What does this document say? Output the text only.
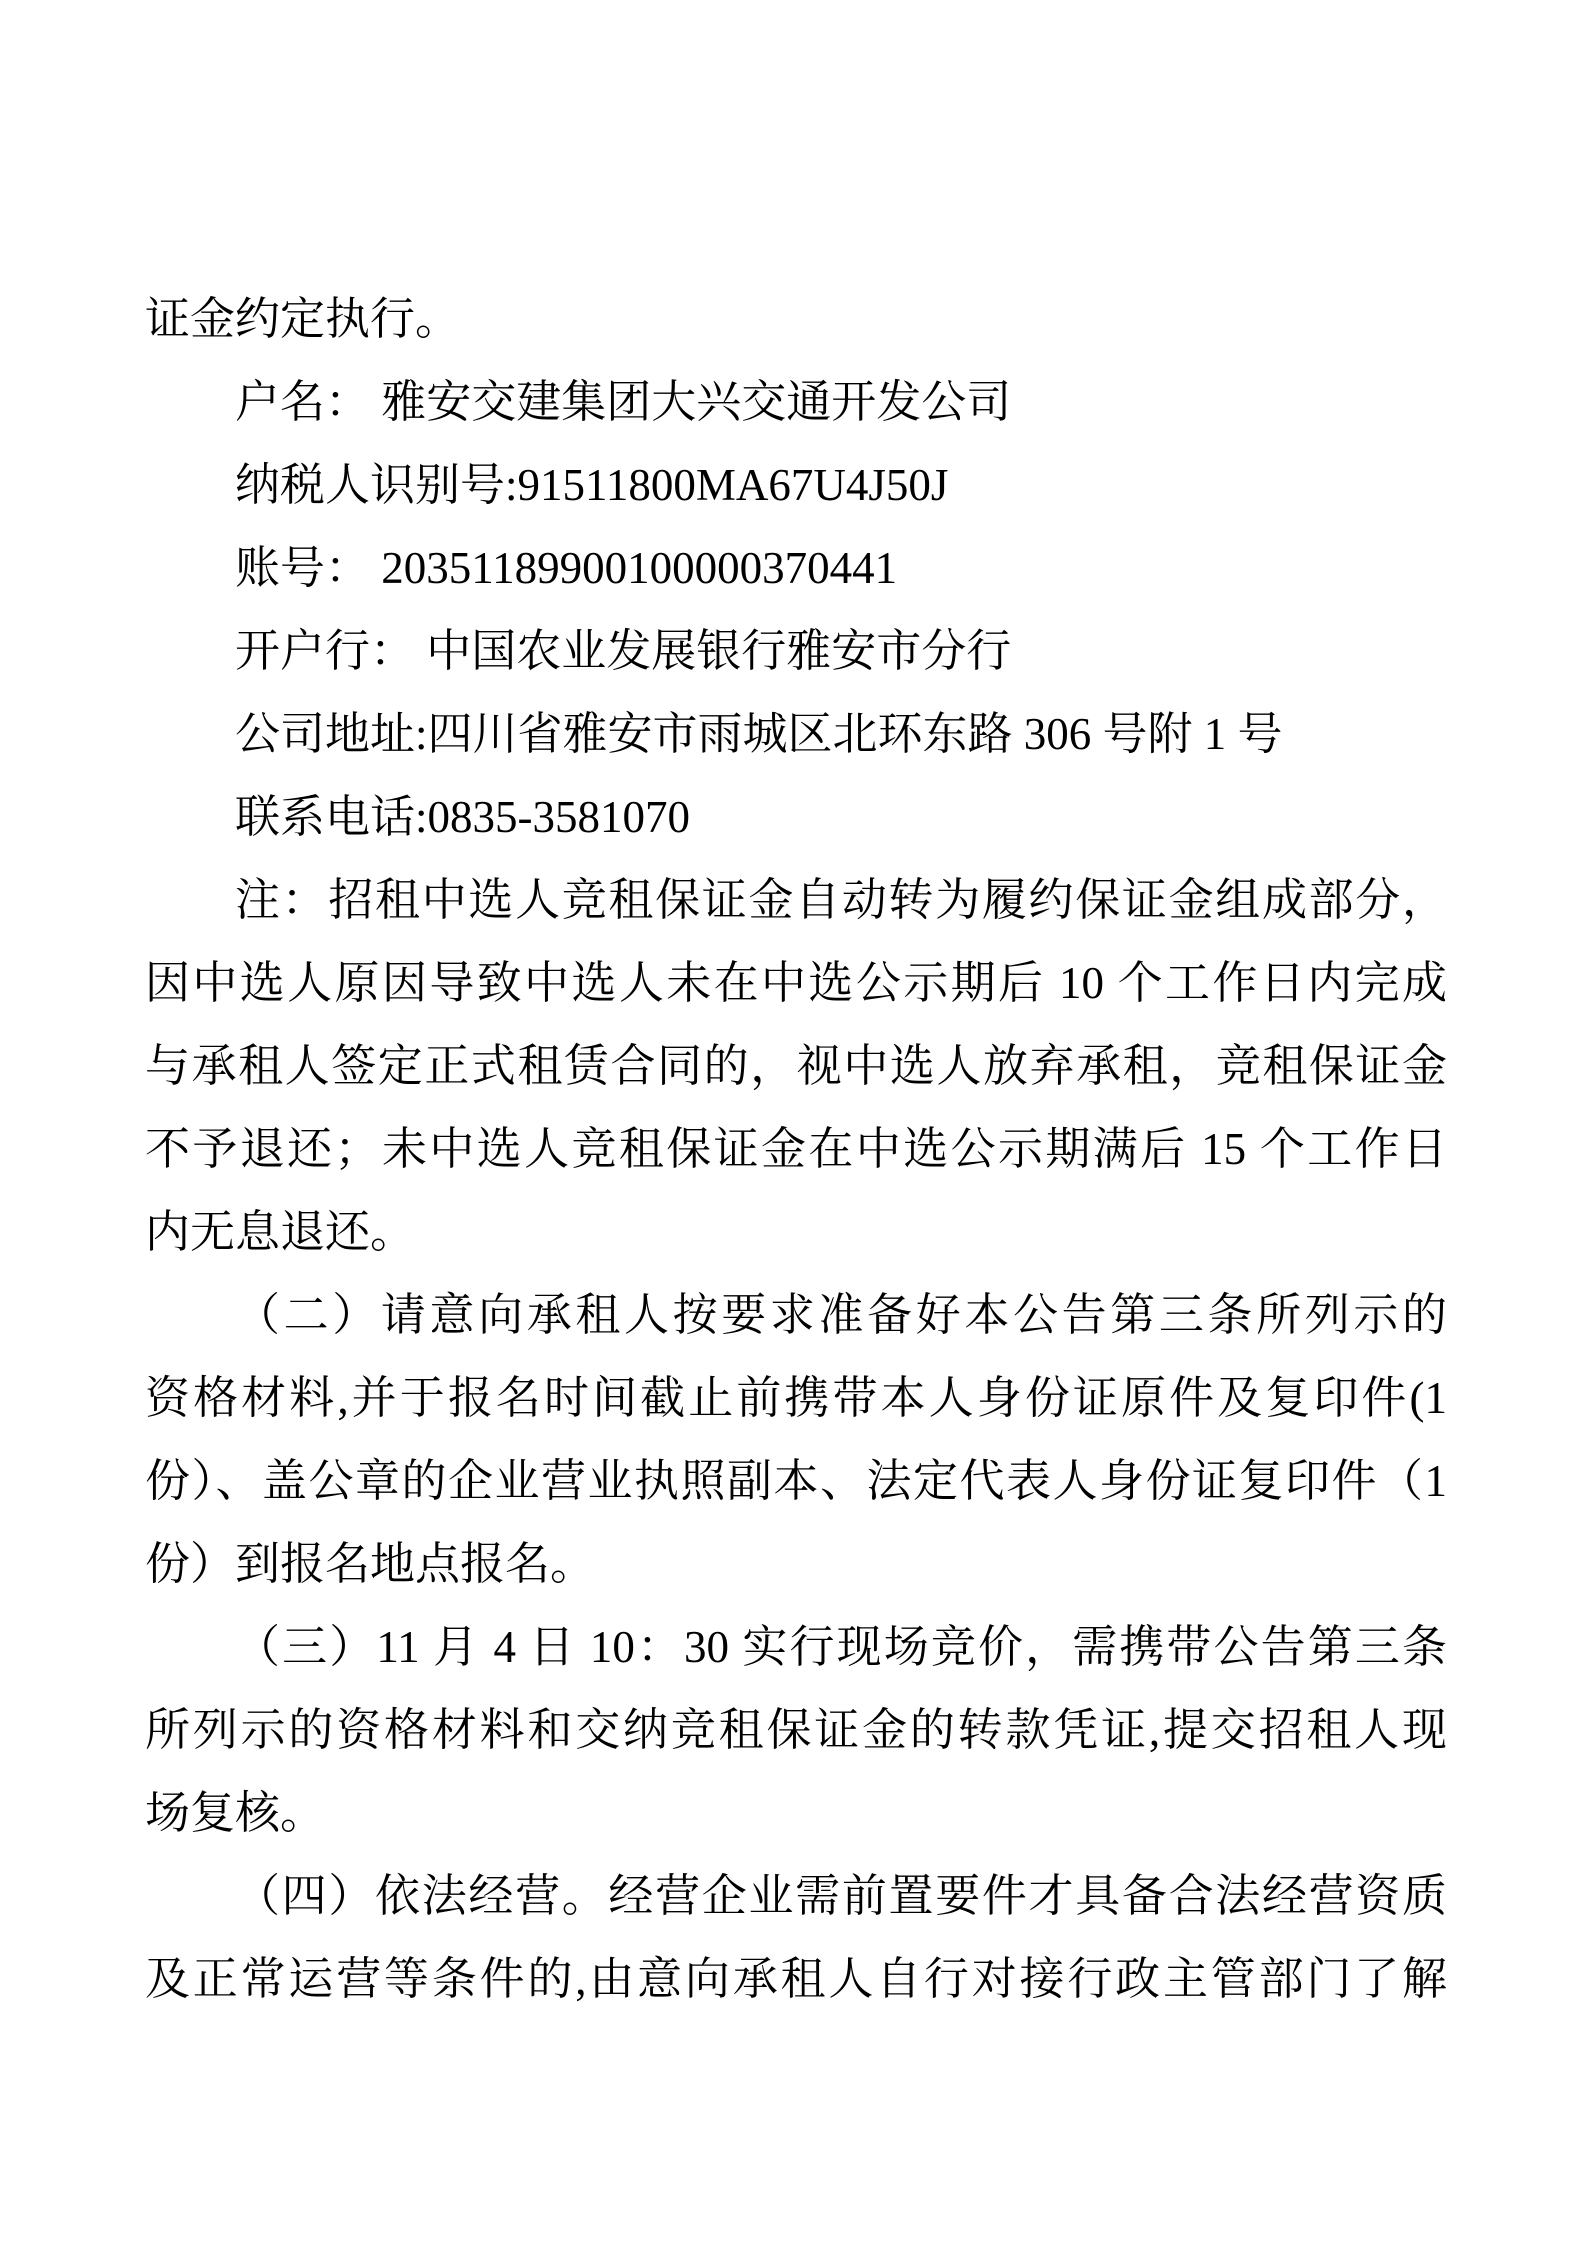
证金约定执行。
户名： 雅安交建集团大兴交通开发公司
纳税人识别号:91511800MA67U4J50J
账号： 20351189900100000370441
开户行： 中国农业发展银行雅安市分行
公司地址:四川省雅安市雨城区北环东路 306 号附 1 号
联系电话:0835-3581070
注：招租中选人竞租保证金自动转为履约保证金组成部分，
因中选人原因导致中选人未在中选公示期后 10 个工作日内完成
与承租人签定正式租赁合同的，视中选人放弃承租，竞租保证金
不予退还；未中选人竞租保证金在中选公示期满后 15 个工作日
内无息退还。
（二）请意向承租人按要求准备好本公告第三条所列示的
资格材料,并于报名时间截止前携带本人身份证原件及复印件(1
份）、盖公章的企业营业执照副本、法定代表人身份证复印件（1
份）到报名地点报名。
（三）11 月 4 日 10：30 实行现场竞价，需携带公告第三条
所列示的资格材料和交纳竞租保证金的转款凭证,提交招租人现
场复核。
（四）依法经营。经营企业需前置要件才具备合法经营资质
及正常运营等条件的,由意向承租人自行对接行政主管部门了解
